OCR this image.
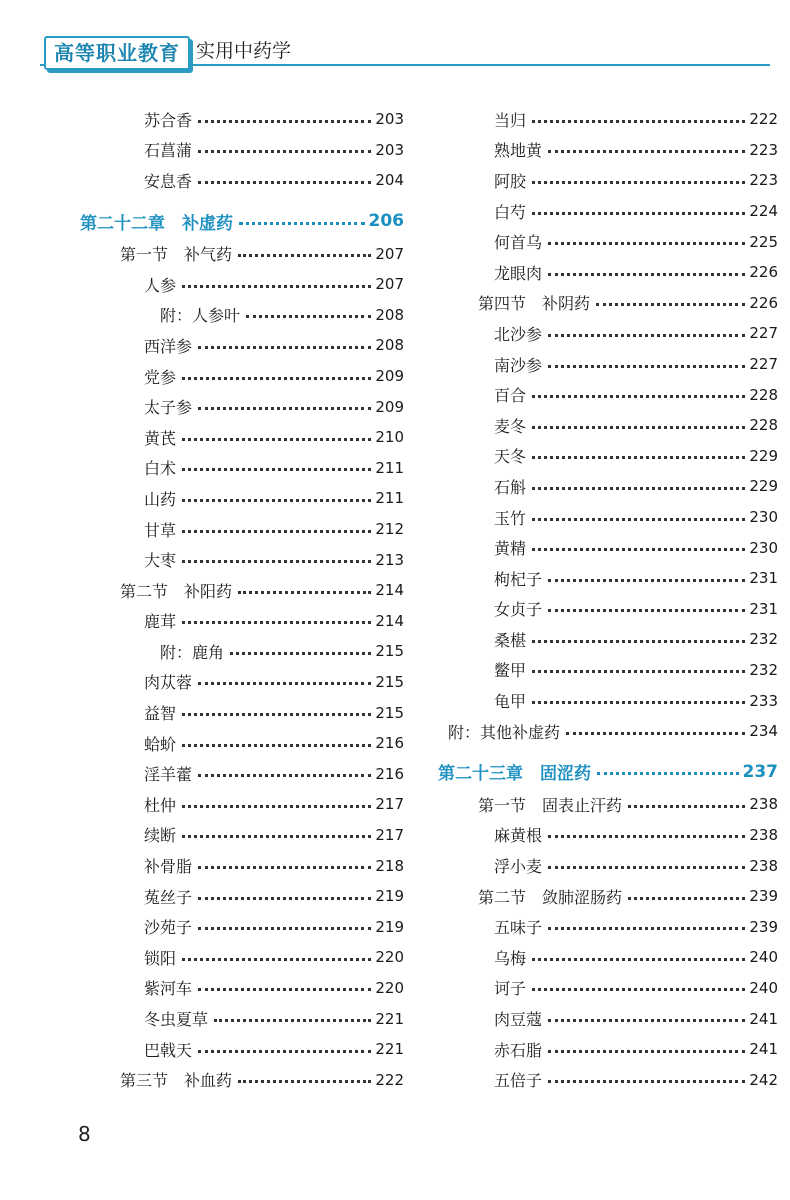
高等职业教育 实用中药学
苏合香	203
石菖蒲	203
安息香	204
第二十二章　补虚药	206
第一节　补气药	207
人参	207
附：人参叶	208
西洋参	208
党参	209
太子参	209
黄芪	210
白术	211
山药	211
甘草	212
大枣	213
第二节　补阳药	214
鹿茸	214
附：鹿角	215
肉苁蓉	215
益智	215
蛤蚧	216
淫羊藿	216
杜仲	217
续断	217
补骨脂	218
菟丝子	219
沙苑子	219
锁阳	220
紫河车	220
冬虫夏草	221
巴戟天	221
第三节　补血药	222
当归	222
熟地黄	223
阿胶	223
白芍	224
何首乌	225
龙眼肉	226
第四节　补阴药	226
北沙参	227
南沙参	227
百合	228
麦冬	228
天冬	229
石斛	229
玉竹	230
黄精	230
枸杞子	231
女贞子	231
桑椹	232
鳖甲	232
龟甲	233
附：其他补虚药	234
第二十三章　固涩药	237
第一节　固表止汗药	238
麻黄根	238
浮小麦	238
第二节　敛肺涩肠药	239
五味子	239
乌梅	240
诃子	240
肉豆蔻	241
赤石脂	241
五倍子	242
8
